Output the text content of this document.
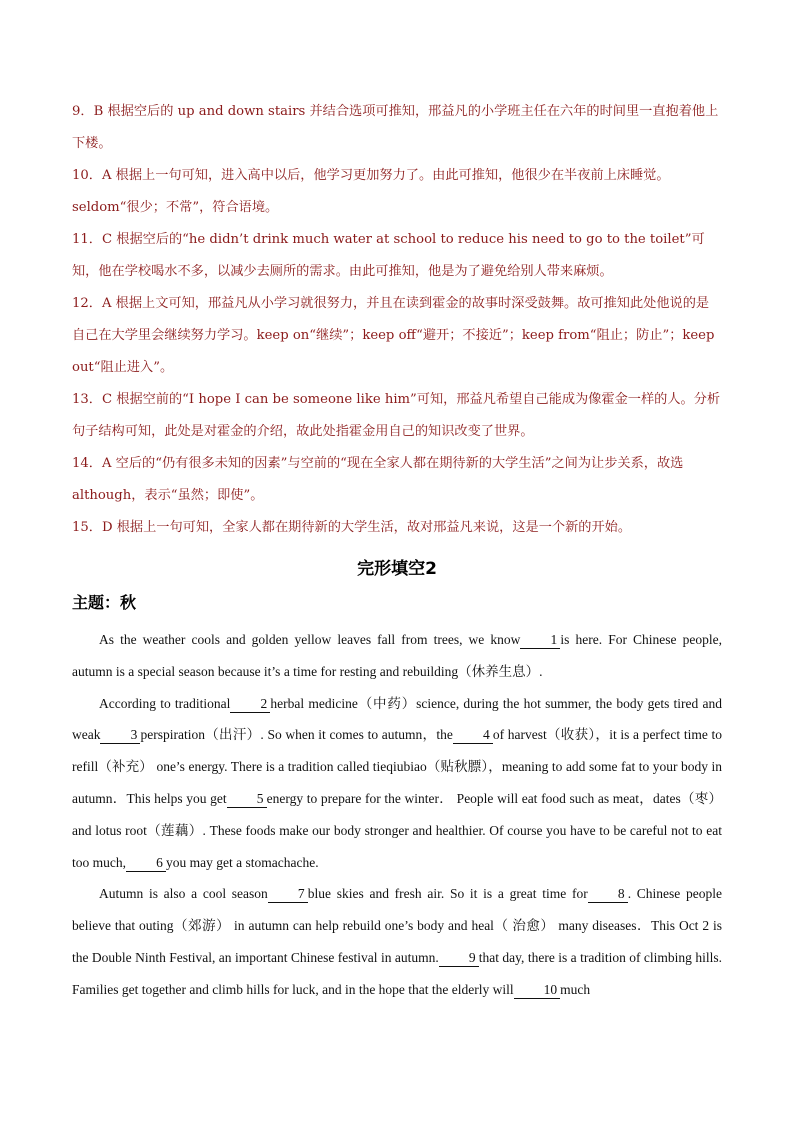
9．B 根据空后的 up and down stairs 并结合选项可推知，邢益凡的小学班主任在六年的时间里一直抱着他上下楼。

10．A 根据上一句可知，进入高中以后，他学习更加努力了。由此可推知，他很少在半夜前上床睡觉。seldom“很少；不常”，符合语境。

11．C 根据空后的“he didn’t drink much water at school to reduce his need to go to the toilet”可知，他在学校喝水不多，以减少去厕所的需求。由此可推知，他是为了避免给别人带来麻烦。

12．A 根据上文可知，邢益凡从小学习就很努力，并且在读到霍金的故事时深受鼓舞。故可推知此处他说的是自己在大学里会继续努力学习。keep on“继续”；keep off“避开；不接近”；keep from“阻止；防止”；keep out“阻止进入”。

13．C 根据空前的“I hope I can be someone like him”可知，邢益凡希望自己能成为像霍金一样的人。分析句子结构可知，此处是对霍金的介绍，故此处指霍金用自己的知识改变了世界。

14．A 空后的“仍有很多未知的因素”与空前的“现在全家人都在期待新的大学生活”之间为让步关系，故选although，表示“虽然；即使”。

15．D 根据上一句可知，全家人都在期待新的大学生活，故对邢益凡来说，这是一个新的开始。

完形填空2
主题：秋

As the weather cools and golden yellow leaves fall from trees, we know 1 is here. For Chinese people, autumn is a special season because it’s a time for resting and rebuilding（休养生息）.

According to traditional 2 herbal medicine（中药）science, during the hot summer, the body gets tired and weak 3 perspiration（出汗）. So when it comes to autumn，the 4 of harvest（收获），it is a perfect time to refill（补充） one’s energy. There is a tradition called tieqiubiao（贴秋膘），meaning to add some fat to your body in autumn．This helps you get 5 energy to prepare for the winter． People will eat food such as meat，dates（枣）and lotus root（莲藕）. These foods make our body stronger and healthier. Of course you have to be careful not to eat too much, 6 you may get a stomachache.

Autumn is also a cool season 7 blue skies and fresh air. So it is a great time for 8 . Chinese people believe that outing（郊游） in autumn can help rebuild one’s body and heal（ 治愈） many diseases．This Oct 2 is the Double Ninth Festival, an important Chinese festival in autumn. 9 that day, there is a tradition of climbing hills. Families get together and climb hills for luck, and in the hope that the elderly will 10 much
